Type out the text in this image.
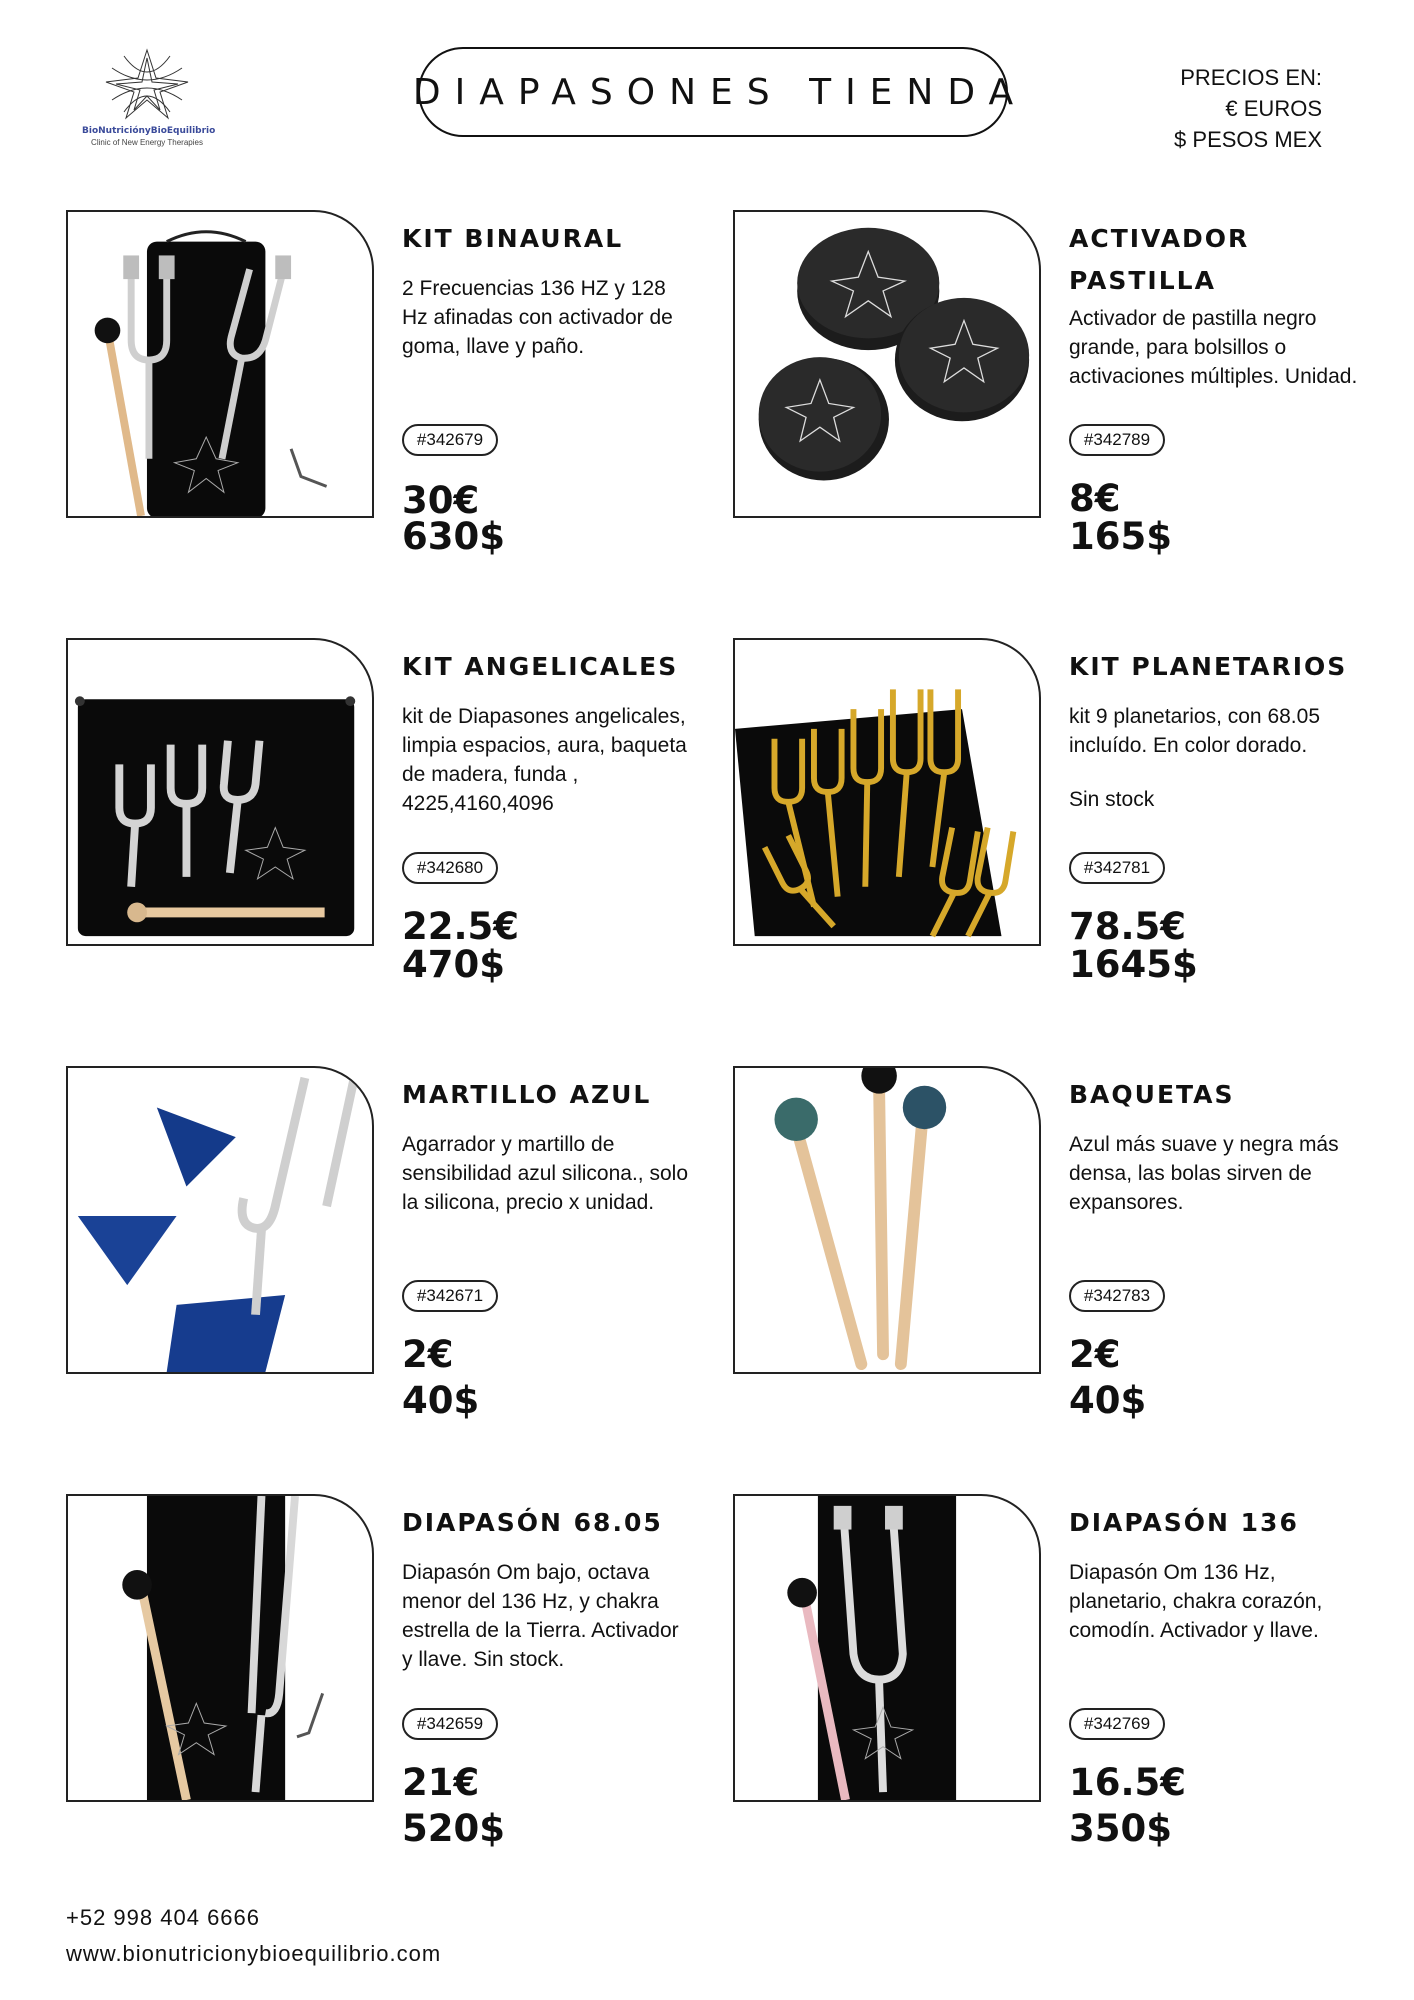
BioNutriciónyBioEquilibrio
Clinic of New Energy Therapies
DIAPASONES TIENDA	PRECIOS EN:
€ EUROS
$ PESOS MEX
KIT BINAURAL
2 Frecuencias 136 HZ y 128 Hz afinadas con activador de goma, llave y paño.
#342679
30€
630$
ACTIVADOR PASTILLA
Activador de pastilla negro grande, para bolsillos o activaciones múltiples. Unidad.
#342789
8€
165$
KIT ANGELICALES
kit de Diapasones angelicales, limpia espacios, aura, baqueta de madera, funda , 4225,4160,4096
#342680
22.5€
470$
KIT PLANETARIOS
kit 9 planetarios, con 68.05 incluído. En color dorado.
Sin stock
#342781
78.5€
1645$
MARTILLO AZUL
Agarrador y martillo de sensibilidad azul silicona., solo la silicona, precio x unidad.
#342671
2€
40$
BAQUETAS
Azul más suave y negra más densa, las bolas sirven de expansores.
#342783
2€
40$
DIAPASÓN 68.05
Diapasón Om bajo, octava menor del 136 Hz, y chakra estrella de la Tierra. Activador y llave. Sin stock.
#342659
21€
520$
DIAPASÓN 136
Diapasón Om 136 Hz, planetario, chakra corazón, comodín. Activador y llave.
#342769
16.5€
350$
+52 998 404 6666
www.bionutricionybioequilibrio.com
